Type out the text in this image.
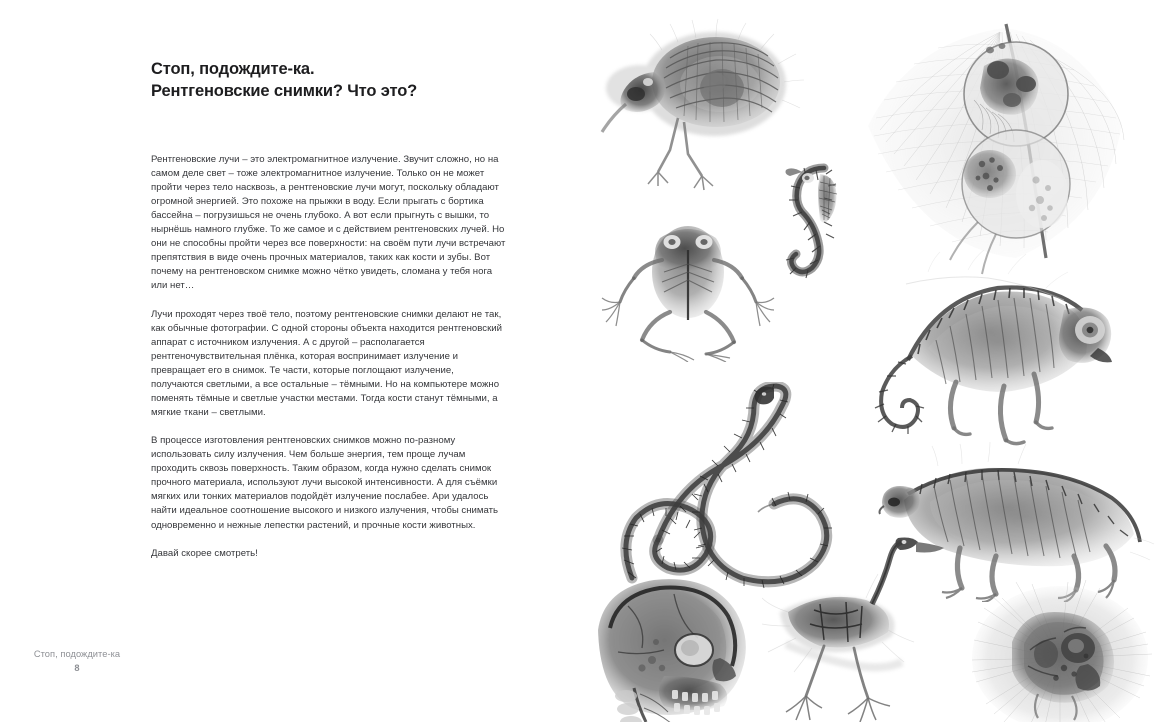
Стоп, подождите-ка.
Рентгеновские снимки? Что это?

Рентгеновские лучи – это электромагнитное излучение. Звучит сложно, но на самом деле свет – тоже электромагнитное излучение. Только он не может пройти через тело насквозь, а рентгеновские лучи могут, поскольку обладают огромной энергией. Это похоже на прыжки в воду. Если прыгать с бортика бассейна – погрузишься не очень глубоко. А вот если прыгнуть с вышки, то нырнёшь намного глубже. То же самое и с действием рентгеновских лучей. Но они не способны пройти через все поверхности: на своём пути лучи встречают препятствия в виде очень прочных материалов, таких как кости и зубы. Вот почему на рентгеновском снимке можно чётко увидеть, сломана у тебя нога или нет…

Лучи проходят через твоё тело, поэтому рентгеновские снимки делают не так, как обычные фотографии. С одной стороны объекта находится рентгеновский аппарат с источником излучения. А с другой – располагается рентгеночувствительная плёнка, которая воспринимает излучение и превращает его в снимок. Те части, которые поглощают излучение, получаются светлыми, а все остальные – тёмными. Но на компьютере можно поменять тёмные и светлые участки местами. Тогда кости станут тёмными, а мягкие ткани – светлыми.

В процессе изготовления рентгеновских снимков можно по-разному использовать силу излучения. Чем больше энергия, тем проще лучам проходить сквозь поверхность. Таким образом, когда нужно сделать снимок прочного материала, используют лучи высокой интенсивности. А для съёмки мягких или тонких материалов подойдёт излучение послабее. Ари удалось найти идеальное соотношение высокого и низкого излучения, чтобы снимать одновременно и нежные лепестки растений, и прочные кости животных.

Давай скорее смотреть!

Стоп, подождите-ка
8
